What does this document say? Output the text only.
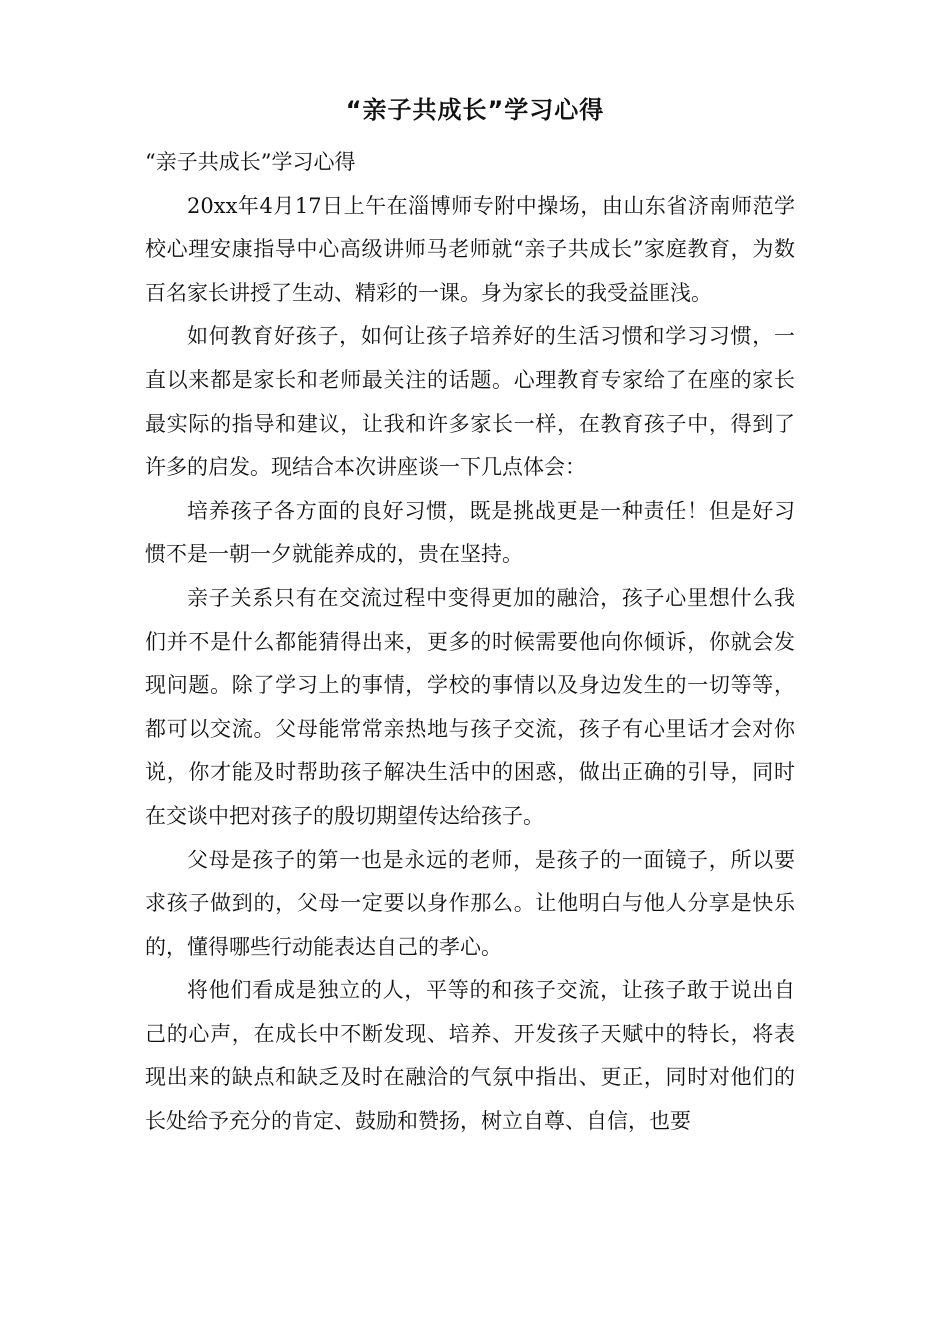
“亲子共成长”学习心得

“亲子共成长”学习心得

20xx年4月17日上午在淄博师专附中操场，由山东省济南师范学校心理安康指导中心高级讲师马老师就“亲子共成长”家庭教育，为数百名家长讲授了生动、精彩的一课。身为家长的我受益匪浅。

如何教育好孩子，如何让孩子培养好的生活习惯和学习习惯，一直以来都是家长和老师最关注的话题。心理教育专家给了在座的家长最实际的指导和建议，让我和许多家长一样，在教育孩子中，得到了许多的启发。现结合本次讲座谈一下几点体会：

培养孩子各方面的良好习惯，既是挑战更是一种责任！但是好习惯不是一朝一夕就能养成的，贵在坚持。

亲子关系只有在交流过程中变得更加的融洽，孩子心里想什么我们并不是什么都能猜得出来，更多的时候需要他向你倾诉，你就会发现问题。除了学习上的事情，学校的事情以及身边发生的一切等等，都可以交流。父母能常常亲热地与孩子交流，孩子有心里话才会对你说，你才能及时帮助孩子解决生活中的困惑，做出正确的引导，同时在交谈中把对孩子的殷切期望传达给孩子。

父母是孩子的第一也是永远的老师，是孩子的一面镜子，所以要求孩子做到的，父母一定要以身作那么。让他明白与他人分享是快乐的，懂得哪些行动能表达自己的孝心。

将他们看成是独立的人，平等的和孩子交流，让孩子敢于说出自己的心声，在成长中不断发现、培养、开发孩子天赋中的特长，将表现出来的缺点和缺乏及时在融洽的气氛中指出、更正，同时对他们的长处给予充分的肯定、鼓励和赞扬，树立自尊、自信，也要
